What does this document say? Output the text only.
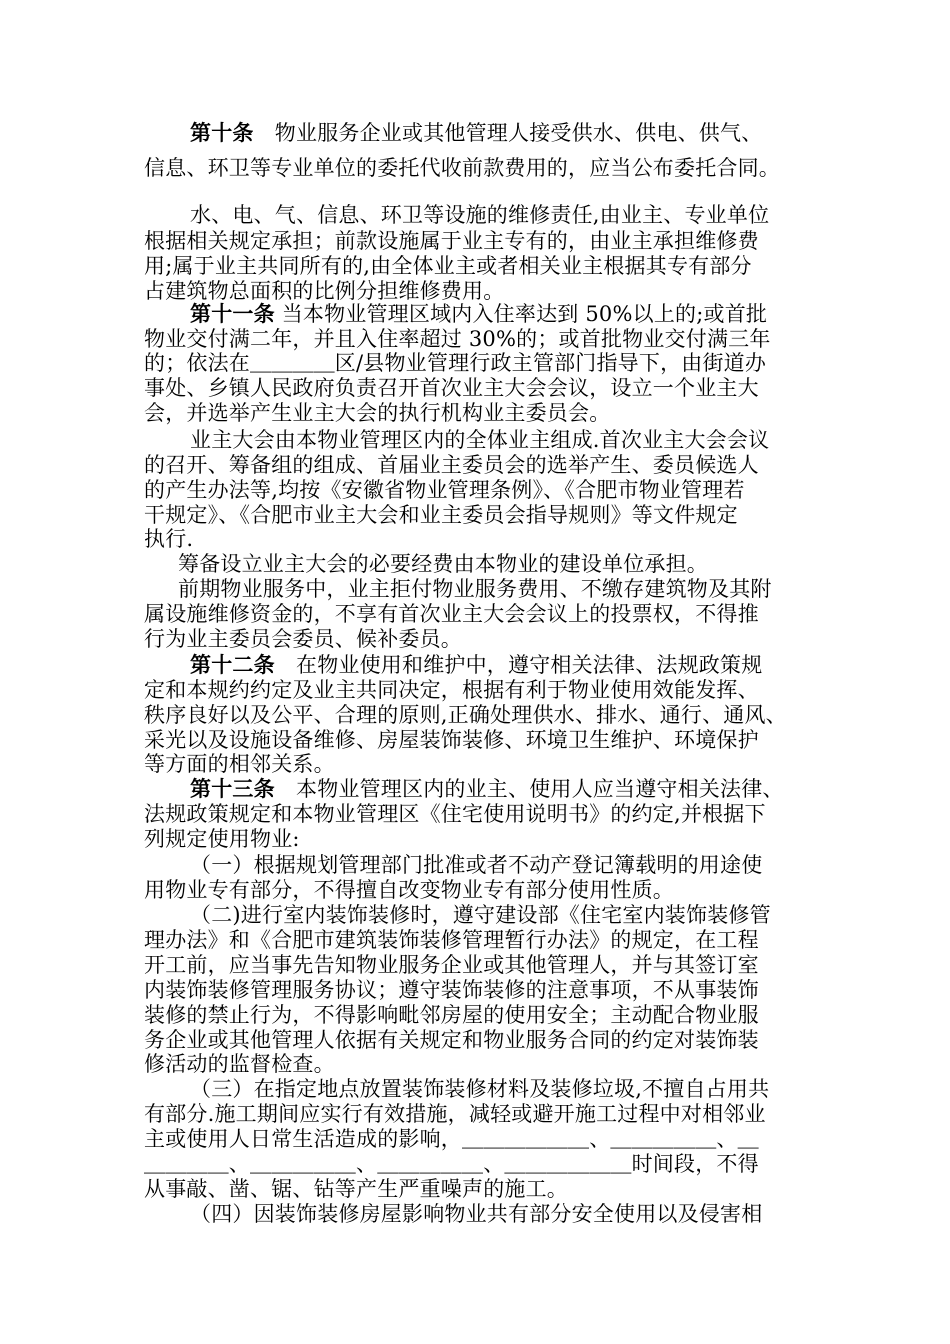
第十条　物业服务企业或其他管理人接受供水、供电、供气、
信息、环卫等专业单位的委托代收前款费用的，应当公布委托合同。
水、电、气、信息、环卫等设施的维修责任,由业主、专业单位
根据相关规定承担；前款设施属于业主专有的，由业主承担维修费
用;属于业主共同所有的,由全体业主或者相关业主根据其专有部分
占建筑物总面积的比例分担维修费用。
第十一条 当本物业管理区域内入住率达到 50%以上的;或首批
物业交付满二年，并且入住率超过 30%的；或首批物业交付满三年
的；依法在＿＿＿＿区/县物业管理行政主管部门指导下，由街道办
事处、乡镇人民政府负责召开首次业主大会会议，设立一个业主大
会，并选举产生业主大会的执行机构业主委员会。
业主大会由本物业管理区内的全体业主组成.首次业主大会会议
的召开、筹备组的组成、首届业主委员会的选举产生、委员候选人
的产生办法等,均按《安徽省物业管理条例》、《合肥市物业管理若
干规定》、《合肥市业主大会和业主委员会指导规则》等文件规定
执行.
筹备设立业主大会的必要经费由本物业的建设单位承担。
前期物业服务中，业主拒付物业服务费用、不缴存建筑物及其附
属设施维修资金的，不享有首次业主大会会议上的投票权，不得推
行为业主委员会委员、候补委员。
第十二条　在物业使用和维护中，遵守相关法律、法规政策规
定和本规约约定及业主共同决定，根据有利于物业使用效能发挥、
秩序良好以及公平、合理的原则,正确处理供水、排水、通行、通风、
采光以及设施设备维修、房屋装饰装修、环境卫生维护、环境保护
等方面的相邻关系。
第十三条　本物业管理区内的业主、使用人应当遵守相关法律、
法规政策规定和本物业管理区《住宅使用说明书》的约定,并根据下
列规定使用物业:
（一）根据规划管理部门批准或者不动产登记簿载明的用途使
用物业专有部分，不得擅自改变物业专有部分使用性质。
（二)进行室内装饰装修时，遵守建设部《住宅室内装饰装修管
理办法》和《合肥市建筑装饰装修管理暂行办法》的规定，在工程
开工前，应当事先告知物业服务企业或其他管理人，并与其签订室
内装饰装修管理服务协议；遵守装饰装修的注意事项，不从事装饰
装修的禁止行为，不得影响毗邻房屋的使用安全；主动配合物业服
务企业或其他管理人依据有关规定和物业服务合同的约定对装饰装
修活动的监督检查。
（三）在指定地点放置装饰装修材料及装修垃圾,不擅自占用共
有部分.施工期间应实行有效措施，减轻或避开施工过程中对相邻业
主或使用人日常生活造成的影响，＿＿＿＿＿＿、＿＿＿＿＿、＿
＿＿＿＿、＿＿＿＿＿、＿＿＿＿＿、＿＿＿＿＿＿时间段，不得
从事敲、凿、锯、钻等产生严重噪声的施工。
（四）因装饰装修房屋影响物业共有部分安全使用以及侵害相
